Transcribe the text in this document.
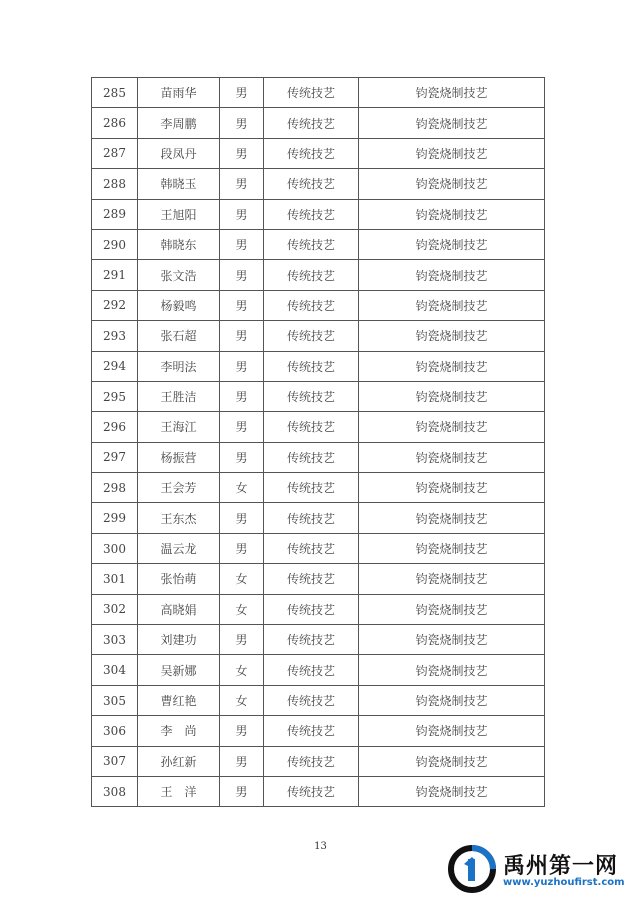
285	苗雨华	男	传统技艺	钧瓷烧制技艺
286	李周鹏	男	传统技艺	钧瓷烧制技艺
287	段凤丹	男	传统技艺	钧瓷烧制技艺
288	韩晓玉	男	传统技艺	钧瓷烧制技艺
289	王旭阳	男	传统技艺	钧瓷烧制技艺
290	韩晓东	男	传统技艺	钧瓷烧制技艺
291	张文浩	男	传统技艺	钧瓷烧制技艺
292	杨毅鸣	男	传统技艺	钧瓷烧制技艺
293	张石超	男	传统技艺	钧瓷烧制技艺
294	李明法	男	传统技艺	钧瓷烧制技艺
295	王胜洁	男	传统技艺	钧瓷烧制技艺
296	王海江	男	传统技艺	钧瓷烧制技艺
297	杨振营	男	传统技艺	钧瓷烧制技艺
298	王会芳	女	传统技艺	钧瓷烧制技艺
299	王东杰	男	传统技艺	钧瓷烧制技艺
300	温云龙	男	传统技艺	钧瓷烧制技艺
301	张怡萌	女	传统技艺	钧瓷烧制技艺
302	高晓娟	女	传统技艺	钧瓷烧制技艺
303	刘建功	男	传统技艺	钧瓷烧制技艺
304	吴新娜	女	传统技艺	钧瓷烧制技艺
305	曹红艳	女	传统技艺	钧瓷烧制技艺
306	李　尚	男	传统技艺	钧瓷烧制技艺
307	孙红新	男	传统技艺	钧瓷烧制技艺
308	王　洋	男	传统技艺	钧瓷烧制技艺
13
禹州第一网
www.yuzhoufirst.com
